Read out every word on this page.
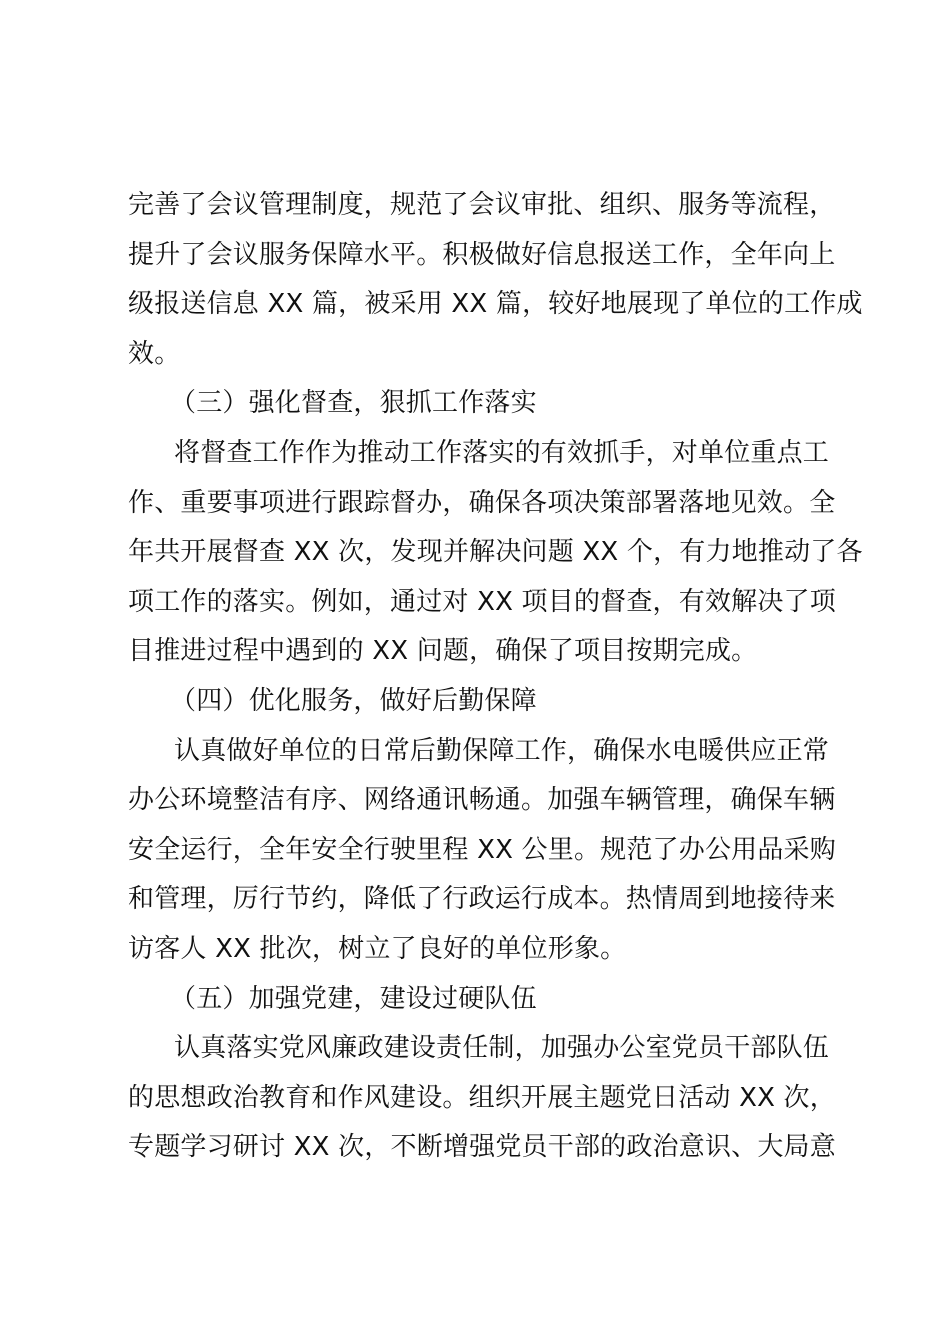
完善了会议管理制度，规范了会议审批、组织、服务等流程，
提升了会议服务保障水平。积极做好信息报送工作，全年向上
级报送信息 XX 篇，被采用 XX 篇，较好地展现了单位的工作成
效。
（三）强化督查，狠抓工作落实
将督查工作作为推动工作落实的有效抓手，对单位重点工
作、重要事项进行跟踪督办，确保各项决策部署落地见效。全
年共开展督查 XX 次，发现并解决问题 XX 个，有力地推动了各
项工作的落实。例如，通过对 XX 项目的督查，有效解决了项
目推进过程中遇到的 XX 问题，确保了项目按期完成。
（四）优化服务，做好后勤保障
认真做好单位的日常后勤保障工作，确保水电暖供应正常
办公环境整洁有序、网络通讯畅通。加强车辆管理，确保车辆
安全运行，全年安全行驶里程 XX 公里。规范了办公用品采购
和管理，厉行节约，降低了行政运行成本。热情周到地接待来
访客人 XX 批次，树立了良好的单位形象。
（五）加强党建，建设过硬队伍
认真落实党风廉政建设责任制，加强办公室党员干部队伍
的思想政治教育和作风建设。组织开展主题党日活动 XX 次，
专题学习研讨 XX 次，不断增强党员干部的政治意识、大局意
